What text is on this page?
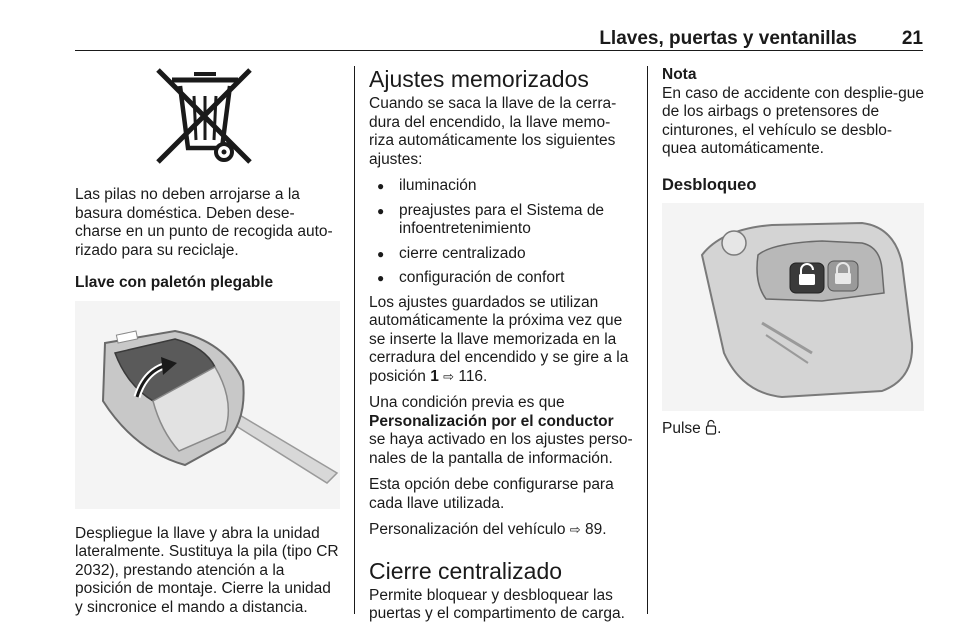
Llaves, puertas y ventanillas 21

Las pilas no deben arrojarse a la basura doméstica. Deben dese-charse en un punto de recogida auto-rizado para su reciclaje.

Llave con paletón plegable

Despliegue la llave y abra la unidad lateralmente. Sustituya la pila (tipo CR 2032), prestando atención a la posición de montaje. Cierre la unidad y sincronice el mando a distancia.

Ajustes memorizados

Cuando se saca la llave de la cerra-dura del encendido, la llave memo-riza automáticamente los siguientes ajustes:

● iluminación
● preajustes para el Sistema de infoentretenimiento
● cierre centralizado
● configuración de confort

Los ajustes guardados se utilizan automáticamente la próxima vez que se inserte la llave memorizada en la cerradura del encendido y se gire a la posición 1 ⇨ 116.

Una condición previa es que Personalización por el conductor se haya activado en los ajustes perso-nales de la pantalla de información.

Esta opción debe configurarse para cada llave utilizada.

Personalización del vehículo ⇨ 89.

Cierre centralizado

Permite bloquear y desbloquear las puertas y el compartimento de carga.

Nota
En caso de accidente con desplie-gue de los airbags o pretensores de cinturones, el vehículo se desblo-quea automáticamente.

Desbloqueo

Pulse .
